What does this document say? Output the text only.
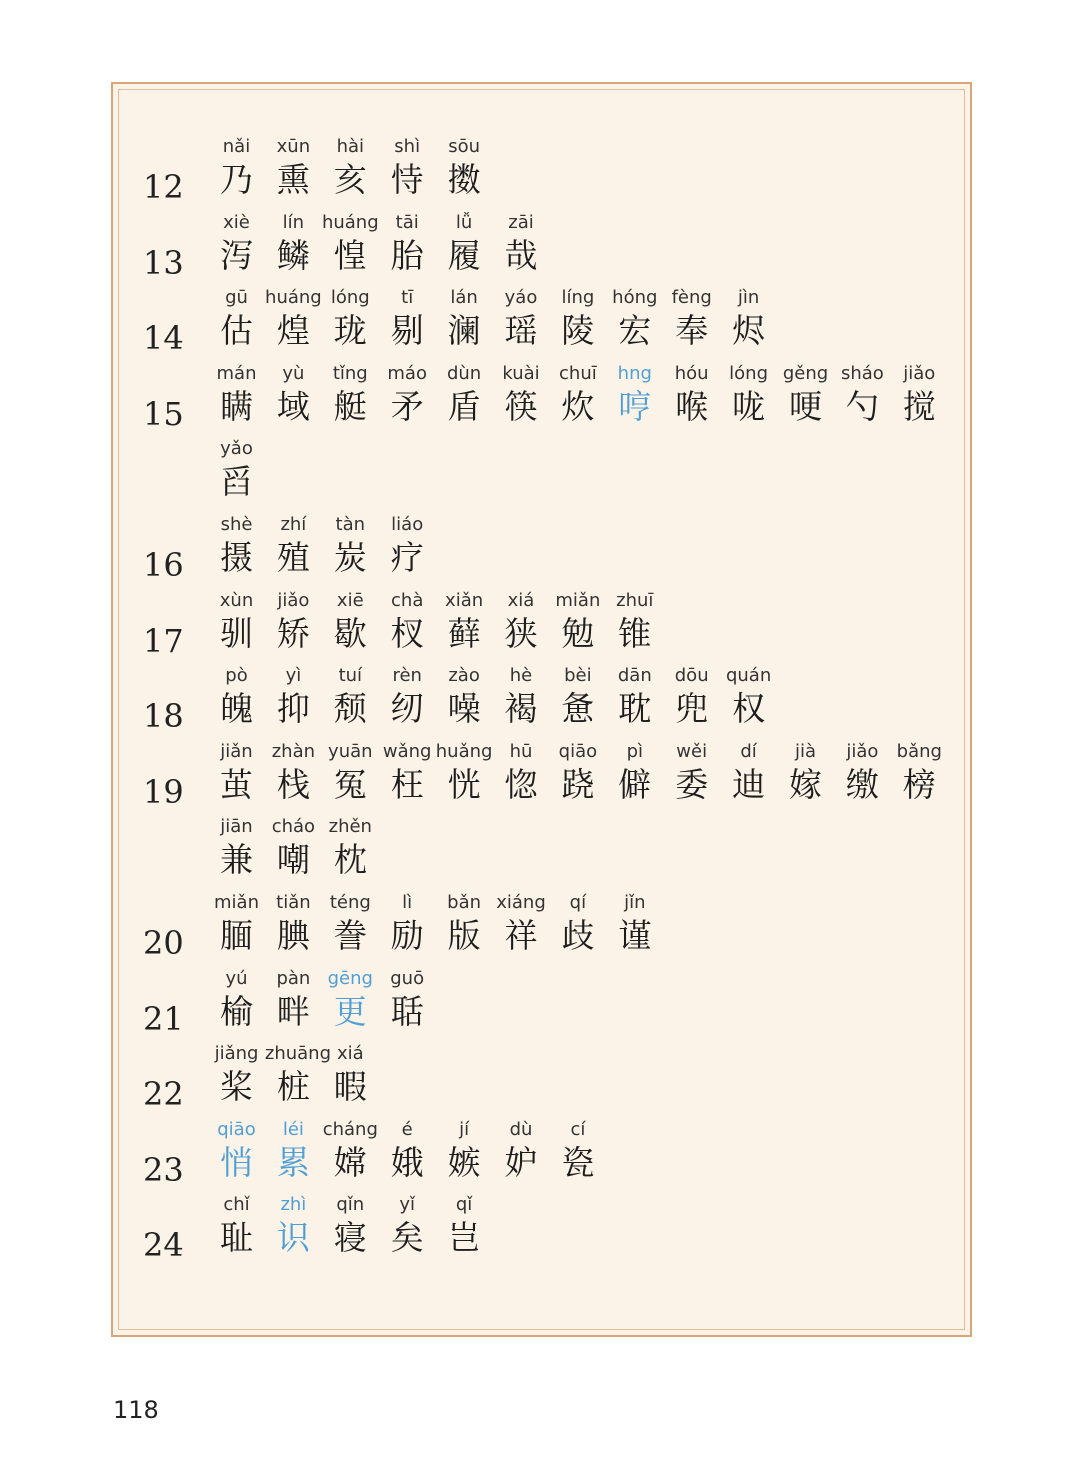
12
nǎi
乃
xūn
熏
hài
亥
shì
恃
sōu
擞
13
xiè
泻
lín
鳞
huáng
惶
tāi
胎
lǚ
履
zāi
哉
14
gū
估
huáng
煌
lóng
珑
tī
剔
lán
澜
yáo
瑶
líng
陵
hóng
宏
fèng
奉
jìn
烬
15
mán
瞒
yù
域
tǐng
艇
máo
矛
dùn
盾
kuài
筷
chuī
炊
hng
哼
hóu
喉
lóng
咙
gěng
哽
sháo
勺
jiǎo
搅
yǎo
舀
16
shè
摄
zhí
殖
tàn
炭
liáo
疗
17
xùn
驯
jiǎo
矫
xiē
歇
chà
杈
xiǎn
藓
xiá
狭
miǎn
勉
zhuī
锥
18
pò
魄
yì
抑
tuí
颓
rèn
纫
zào
噪
hè
褐
bèi
惫
dān
耽
dōu
兜
quán
权
19
jiǎn
茧
zhàn
栈
yuān
冤
wǎng
枉
huǎng
恍
hū
惚
qiāo
跷
pì
僻
wěi
委
dí
迪
jià
嫁
jiǎo
缴
bǎng
榜
jiān
兼
cháo
嘲
zhěn
枕
20
miǎn
腼
tiǎn
腆
téng
誊
lì
励
bǎn
版
xiáng
祥
qí
歧
jǐn
谨
21
yú
榆
pàn
畔
gēng
更
guō
聒
22
jiǎng
桨
zhuāng
桩
xiá
暇
23
qiāo
悄
léi
累
cháng
嫦
é
娥
jí
嫉
dù
妒
cí
瓷
24
chǐ
耻
zhì
识
qǐn
寝
yǐ
矣
qǐ
岂
118
